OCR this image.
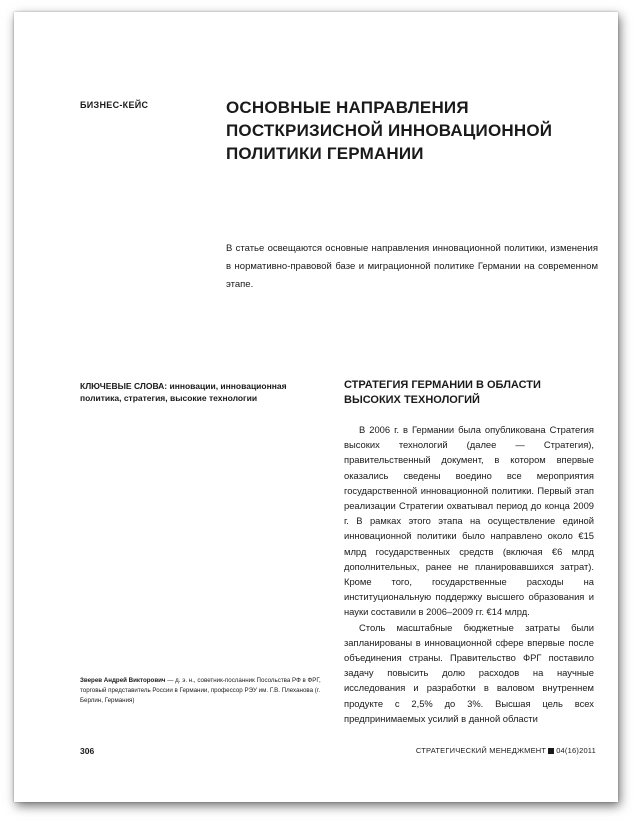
БИЗНЕС-КЕЙС	ОСНОВНЫЕ НАПРАВЛЕНИЯ ПОСТКРИЗИСНОЙ ИННОВАЦИОННОЙ ПОЛИТИКИ ГЕРМАНИИ
В статье освещаются основные направления инновационной политики, изменения в нормативно-правовой базе и миграционной политике Германии на современном этапе.
КЛЮЧЕВЫЕ СЛОВА: инновации, инновационная политика, стратегия, высокие технологии
СТРАТЕГИЯ ГЕРМАНИИ В ОБЛАСТИ ВЫСОКИХ ТЕХНОЛОГИЙ

В 2006 г. в Германии была опубликована Стратегия высоких технологий (далее — Стратегия), правительственный документ, в котором впервые оказались сведены воедино все мероприятия государственной инновационной политики. Первый этап реализации Стратегии охватывал период до конца 2009 г. В рамках этого этапа на осуществление единой инновационной политики было направлено около €15 млрд государственных средств (включая €6 млрд дополнительных, ранее не планировавшихся затрат). Кроме того, государственные расходы на институциональную поддержку высшего образования и науки составили в 2006–2009 гг. €14 млрд.

Столь масштабные бюджетные затраты были запланированы в инновационной сфере впервые после объединения страны. Правительство ФРГ поставило задачу повысить долю расходов на научные исследования и разработки в валовом внутреннем продукте с 2,5% до 3%. Высшая цель всех предпринимаемых усилий в данной области

Зверев Андрей Викторович — д. э. н., советник-посланник Посольства РФ в ФРГ, торговый представитель России в Германии, профессор РЭУ им. Г.В. Плеханова (г. Берлин, Германия)
306	СТРАТЕГИЧЕСКИЙ МЕНЕДЖМЕНТ 04(16)2011
